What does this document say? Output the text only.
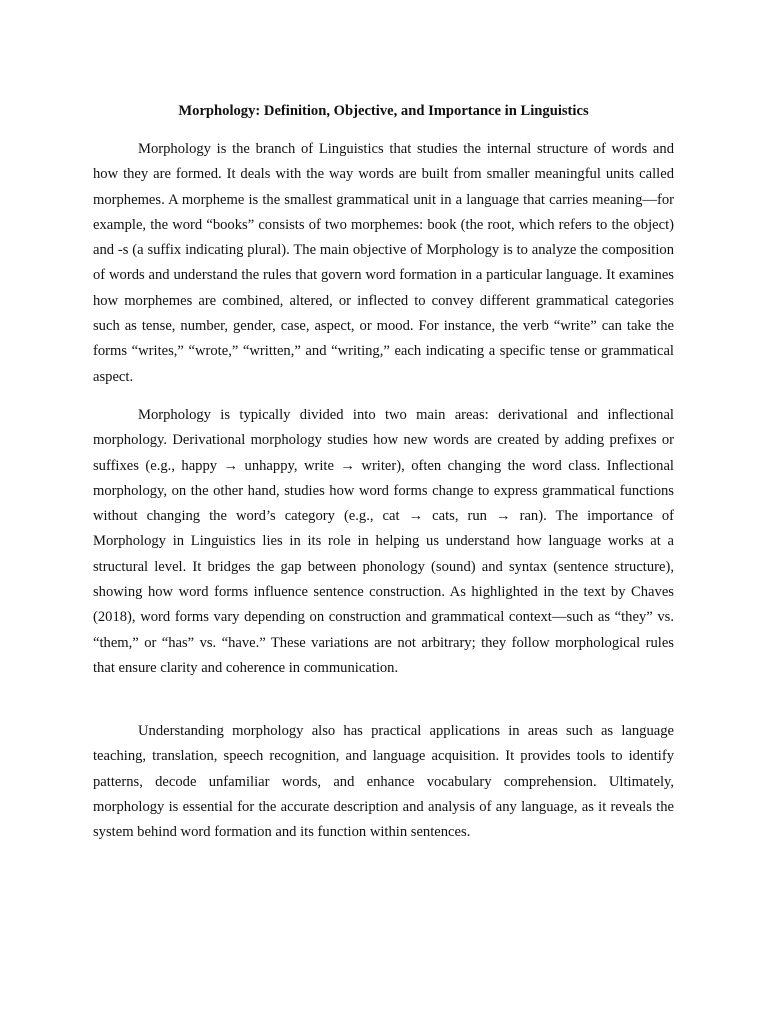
Morphology: Definition, Objective, and Importance in Linguistics

Morphology is the branch of Linguistics that studies the internal structure of words and how they are formed. It deals with the way words are built from smaller meaningful units called morphemes. A morpheme is the smallest grammatical unit in a language that carries meaning—for example, the word “books” consists of two morphemes: book (the root, which refers to the object) and -s (a suffix indicating plural). The main objective of Morphology is to analyze the composition of words and understand the rules that govern word formation in a particular language. It examines how morphemes are combined, altered, or inflected to convey different grammatical categories such as tense, number, gender, case, aspect, or mood. For instance, the verb “write” can take the forms “writes,” “wrote,” “written,” and “writing,” each indicating a specific tense or grammatical aspect.

Morphology is typically divided into two main areas: derivational and inflectional morphology. Derivational morphology studies how new words are created by adding prefixes or suffixes (e.g., happy → unhappy, write → writer), often changing the word class. Inflectional morphology, on the other hand, studies how word forms change to express grammatical functions without changing the word’s category (e.g., cat → cats, run → ran). The importance of Morphology in Linguistics lies in its role in helping us understand how language works at a structural level. It bridges the gap between phonology (sound) and syntax (sentence structure), showing how word forms influence sentence construction. As highlighted in the text by Chaves (2018), word forms vary depending on construction and grammatical context—such as “they” vs. “them,” or “has” vs. “have.” These variations are not arbitrary; they follow morphological rules that ensure clarity and coherence in communication.

Understanding morphology also has practical applications in areas such as language teaching, translation, speech recognition, and language acquisition. It provides tools to identify patterns, decode unfamiliar words, and enhance vocabulary comprehension. Ultimately, morphology is essential for the accurate description and analysis of any language, as it reveals the system behind word formation and its function within sentences.
